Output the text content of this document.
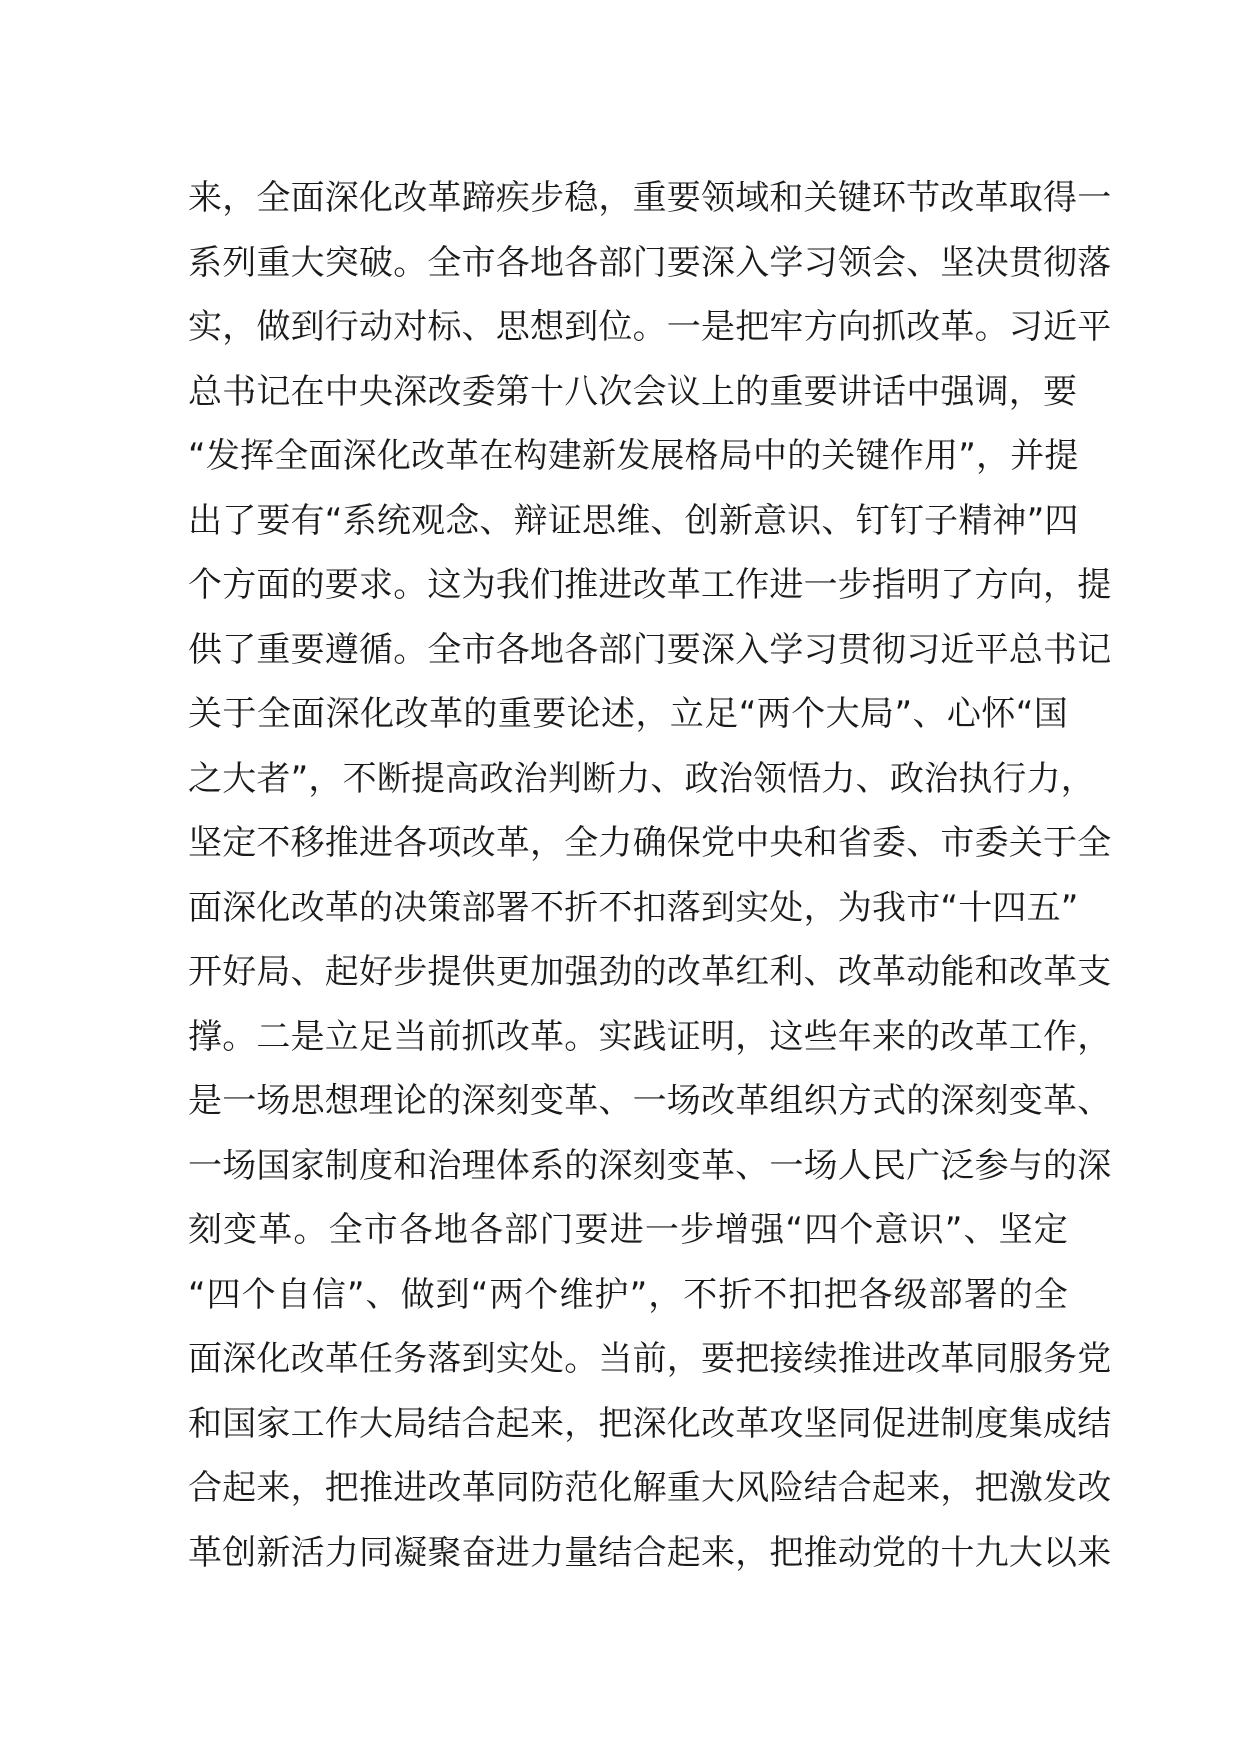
来，全面深化改革蹄疾步稳，重要领域和关键环节改革取得一
系列重大突破。全市各地各部门要深入学习领会、坚决贯彻落
实，做到行动对标、思想到位。一是把牢方向抓改革。习近平
总书记在中央深改委第十八次会议上的重要讲话中强调，要
“发挥全面深化改革在构建新发展格局中的关键作用”，并提
出了要有“系统观念、辩证思维、创新意识、钉钉子精神”四
个方面的要求。这为我们推进改革工作进一步指明了方向，提
供了重要遵循。全市各地各部门要深入学习贯彻习近平总书记
关于全面深化改革的重要论述，立足“两个大局”、心怀“国
之大者”，不断提高政治判断力、政治领悟力、政治执行力，
坚定不移推进各项改革，全力确保党中央和省委、市委关于全
面深化改革的决策部署不折不扣落到实处，为我市“十四五”
开好局、起好步提供更加强劲的改革红利、改革动能和改革支
撑。二是立足当前抓改革。实践证明，这些年来的改革工作，
是一场思想理论的深刻变革、一场改革组织方式的深刻变革、
一场国家制度和治理体系的深刻变革、一场人民广泛参与的深
刻变革。全市各地各部门要进一步增强“四个意识”、坚定
“四个自信”、做到“两个维护”，不折不扣把各级部署的全
面深化改革任务落到实处。当前，要把接续推进改革同服务党
和国家工作大局结合起来，把深化改革攻坚同促进制度集成结
合起来，把推进改革同防范化解重大风险结合起来，把激发改
革创新活力同凝聚奋进力量结合起来，把推动党的十九大以来
